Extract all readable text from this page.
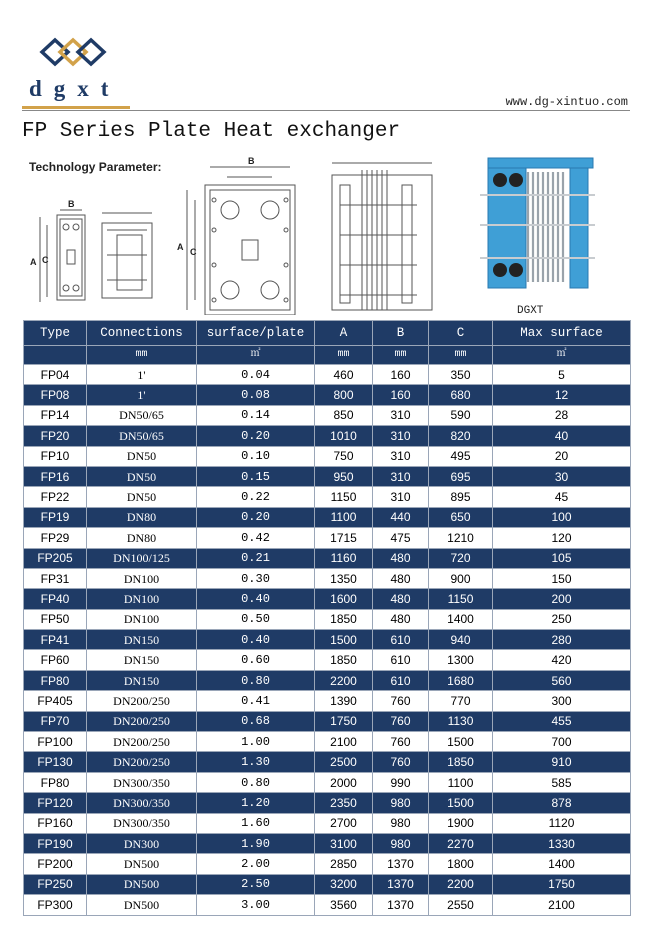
dgxt
www.dg-xintuo.com
FP Series Plate Heat exchanger
Technology Parameter:
B
A C
B
A C
DGXT
Type	Connections	surface/plate	A	B	C	Max surface
	mm	㎡	mm	mm	mm	㎡
FP04	1'	0.04	460	160	350	5
FP08	1'	0.08	800	160	680	12
FP14	DN50/65	0.14	850	310	590	28
FP20	DN50/65	0.20	1010	310	820	40
FP10	DN50	0.10	750	310	495	20
FP16	DN50	0.15	950	310	695	30
FP22	DN50	0.22	1150	310	895	45
FP19	DN80	0.20	1100	440	650	100
FP29	DN80	0.42	1715	475	1210	120
FP205	DN100/125	0.21	1160	480	720	105
FP31	DN100	0.30	1350	480	900	150
FP40	DN100	0.40	1600	480	1150	200
FP50	DN100	0.50	1850	480	1400	250
FP41	DN150	0.40	1500	610	940	280
FP60	DN150	0.60	1850	610	1300	420
FP80	DN150	0.80	2200	610	1680	560
FP405	DN200/250	0.41	1390	760	770	300
FP70	DN200/250	0.68	1750	760	1130	455
FP100	DN200/250	1.00	2100	760	1500	700
FP130	DN200/250	1.30	2500	760	1850	910
FP80	DN300/350	0.80	2000	990	1100	585
FP120	DN300/350	1.20	2350	980	1500	878
FP160	DN300/350	1.60	2700	980	1900	1120
FP190	DN300	1.90	3100	980	2270	1330
FP200	DN500	2.00	2850	1370	1800	1400
FP250	DN500	2.50	3200	1370	2200	1750
FP300	DN500	3.00	3560	1370	2550	2100
